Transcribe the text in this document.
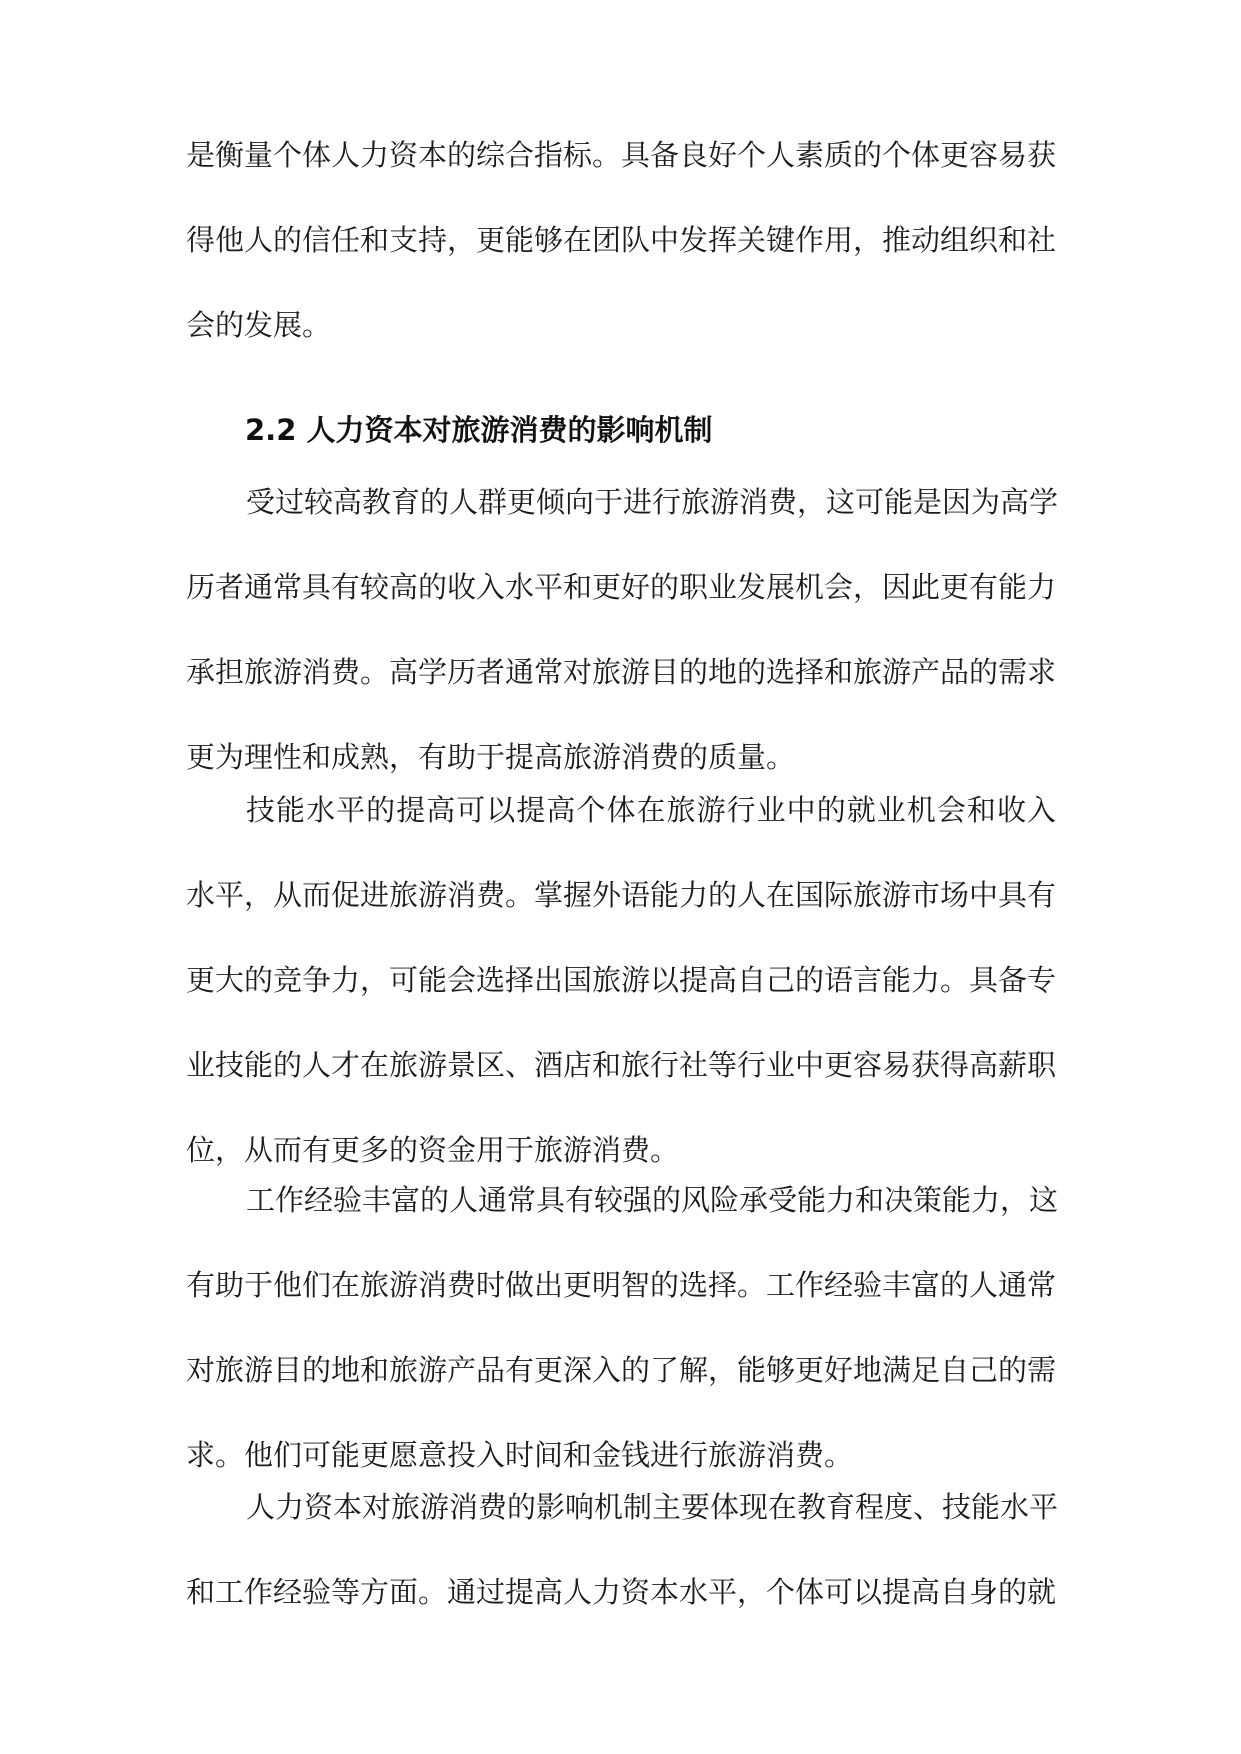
是衡量个体人力资本的综合指标。具备良好个人素质的个体更容易获
得他人的信任和支持，更能够在团队中发挥关键作用，推动组织和社
会的发展。
2.2 人力资本对旅游消费的影响机制
受过较高教育的人群更倾向于进行旅游消费，这可能是因为高学
历者通常具有较高的收入水平和更好的职业发展机会，因此更有能力
承担旅游消费。高学历者通常对旅游目的地的选择和旅游产品的需求
更为理性和成熟，有助于提高旅游消费的质量。
技能水平的提高可以提高个体在旅游行业中的就业机会和收入
水平，从而促进旅游消费。掌握外语能力的人在国际旅游市场中具有
更大的竞争力，可能会选择出国旅游以提高自己的语言能力。具备专
业技能的人才在旅游景区、酒店和旅行社等行业中更容易获得高薪职
位，从而有更多的资金用于旅游消费。
工作经验丰富的人通常具有较强的风险承受能力和决策能力，这
有助于他们在旅游消费时做出更明智的选择。工作经验丰富的人通常
对旅游目的地和旅游产品有更深入的了解，能够更好地满足自己的需
求。他们可能更愿意投入时间和金钱进行旅游消费。
人力资本对旅游消费的影响机制主要体现在教育程度、技能水平
和工作经验等方面。通过提高人力资本水平，个体可以提高自身的就
